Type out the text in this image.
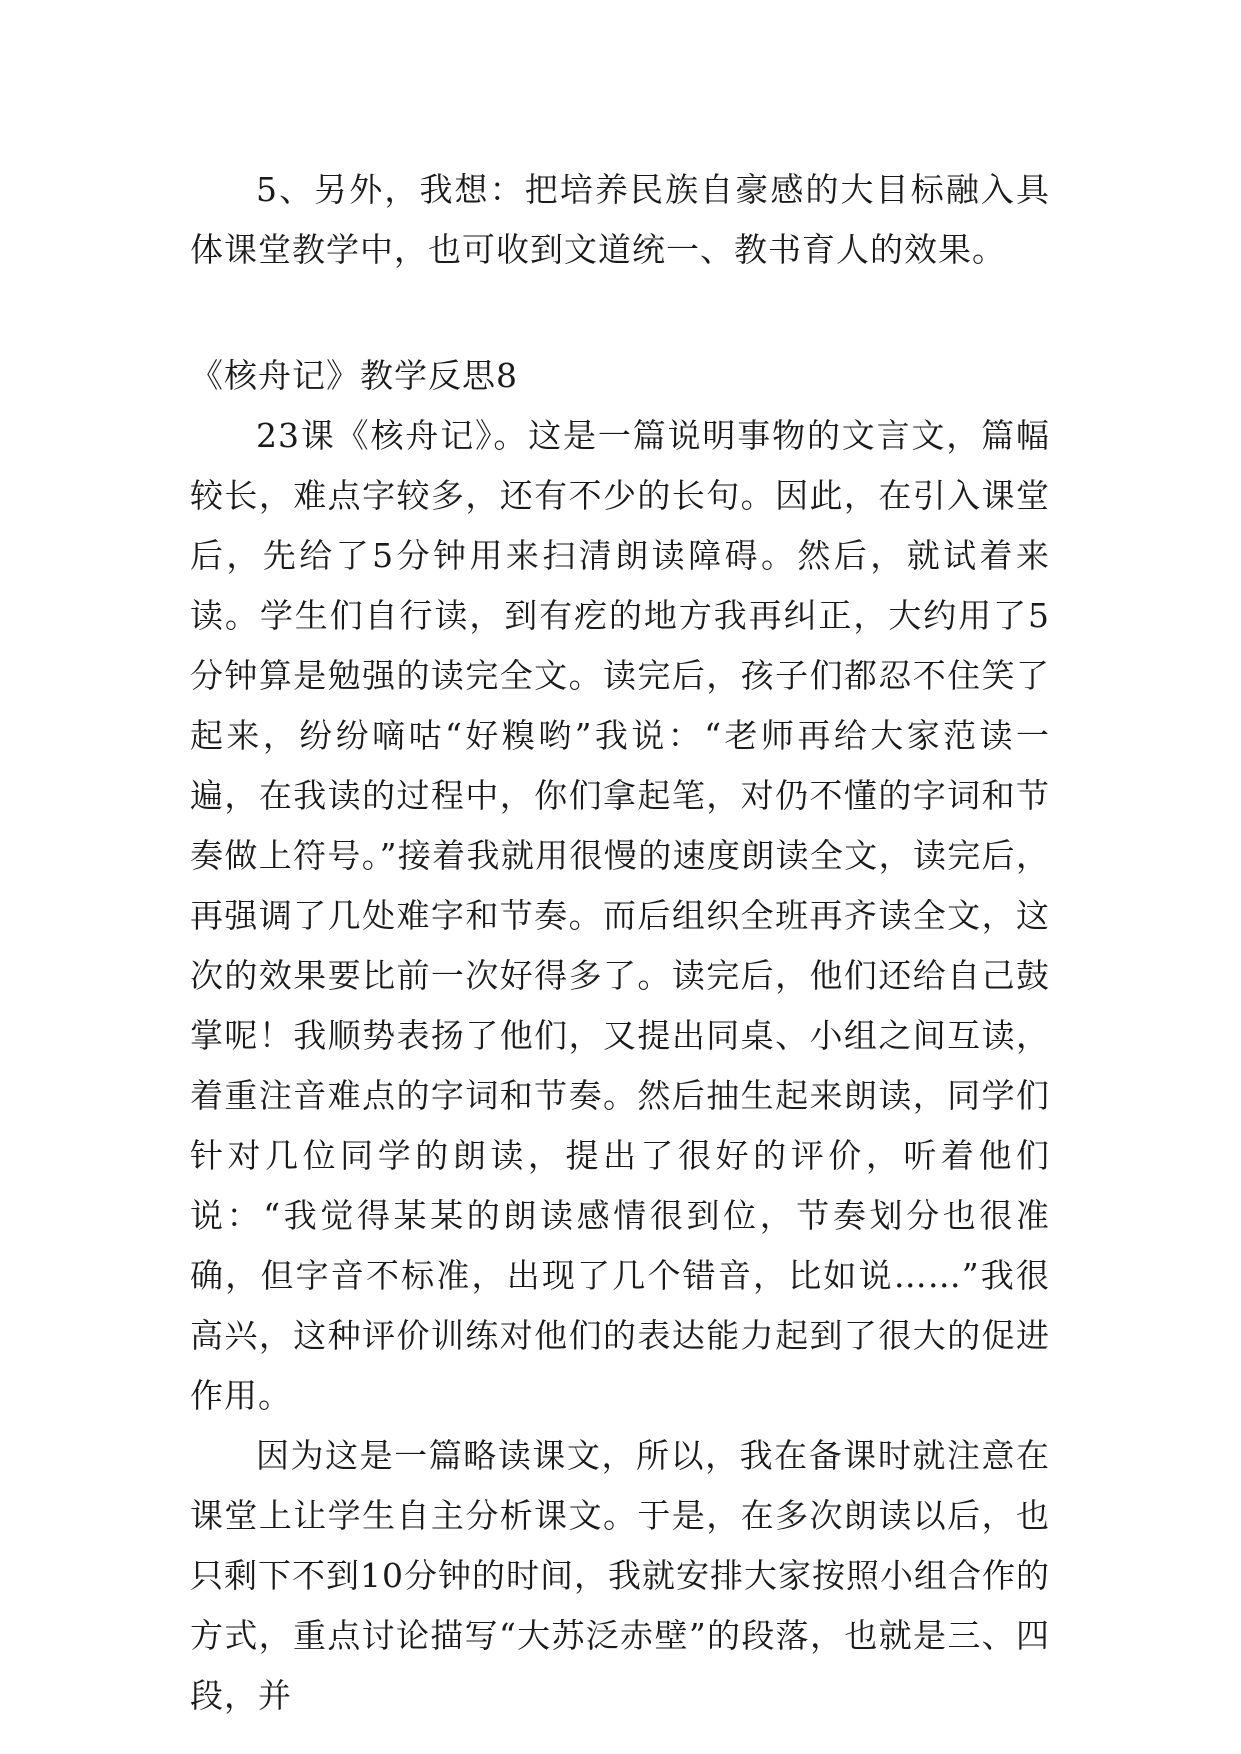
5、另外，我想：把培养民族自豪感的大目标融入具体课堂教学中，也可收到文道统一、教书育人的效果。

《核舟记》教学反思8

23课《核舟记》。这是一篇说明事物的文言文，篇幅较长，难点字较多，还有不少的长句。因此，在引入课堂后，先给了5分钟用来扫清朗读障碍。然后，就试着来读。学生们自行读，到有疙的地方我再纠正，大约用了5分钟算是勉强的读完全文。读完后，孩子们都忍不住笑了起来，纷纷嘀咕“好糗哟”我说：“老师再给大家范读一遍，在我读的过程中，你们拿起笔，对仍不懂的字词和节奏做上符号。”接着我就用很慢的速度朗读全文，读完后，再强调了几处难字和节奏。而后组织全班再齐读全文，这次的效果要比前一次好得多了。读完后，他们还给自己鼓掌呢！我顺势表扬了他们，又提出同桌、小组之间互读，着重注音难点的字词和节奏。然后抽生起来朗读，同学们针对几位同学的朗读，提出了很好的评价，听着他们说：“我觉得某某的朗读感情很到位，节奏划分也很准确，但字音不标准，出现了几个错音，比如说……”我很高兴，这种评价训练对他们的表达能力起到了很大的促进作用。

因为这是一篇略读课文，所以，我在备课时就注意在课堂上让学生自主分析课文。于是，在多次朗读以后，也只剩下不到10分钟的时间，我就安排大家按照小组合作的方式，重点讨论描写“大苏泛赤壁”的段落，也就是三、四段，并
